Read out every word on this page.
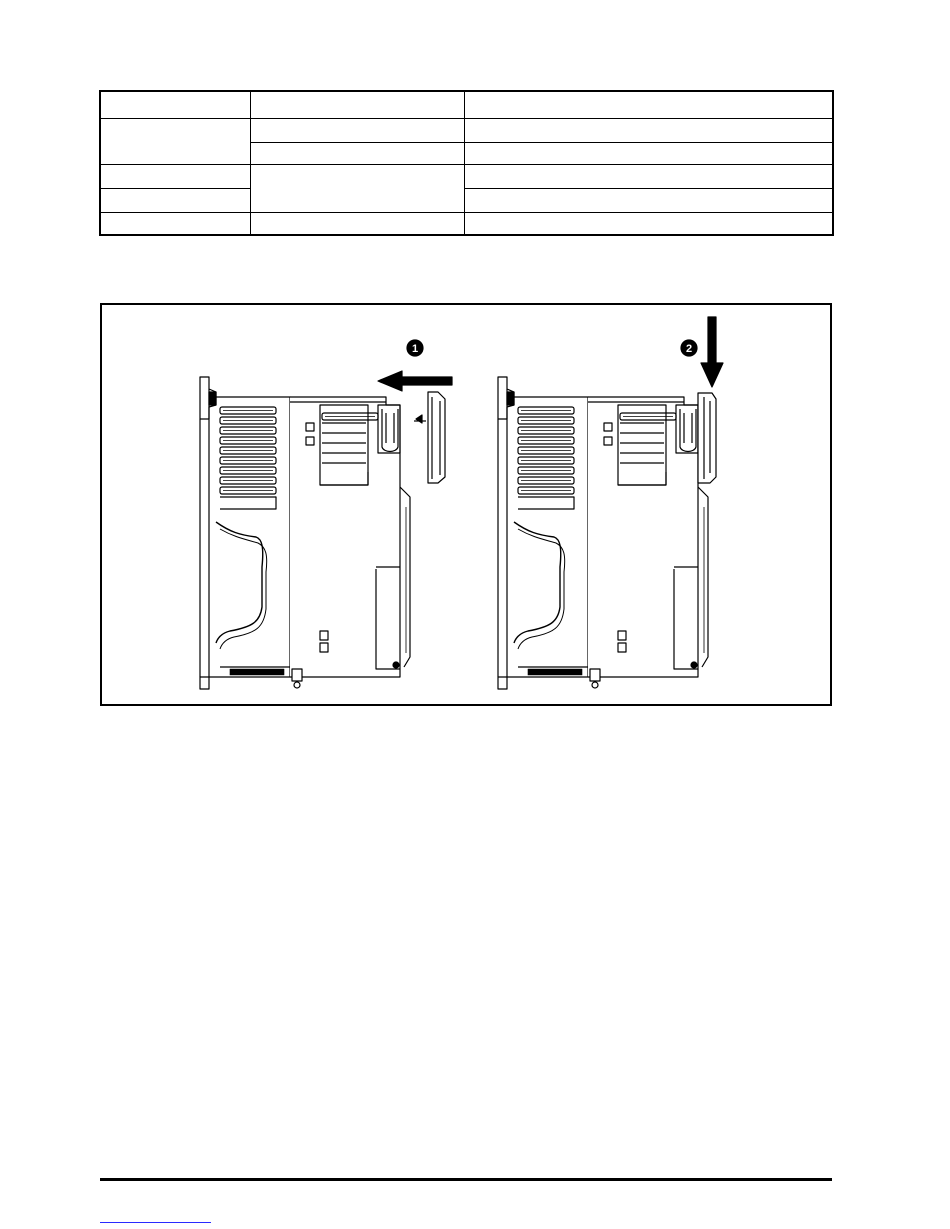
1	2
